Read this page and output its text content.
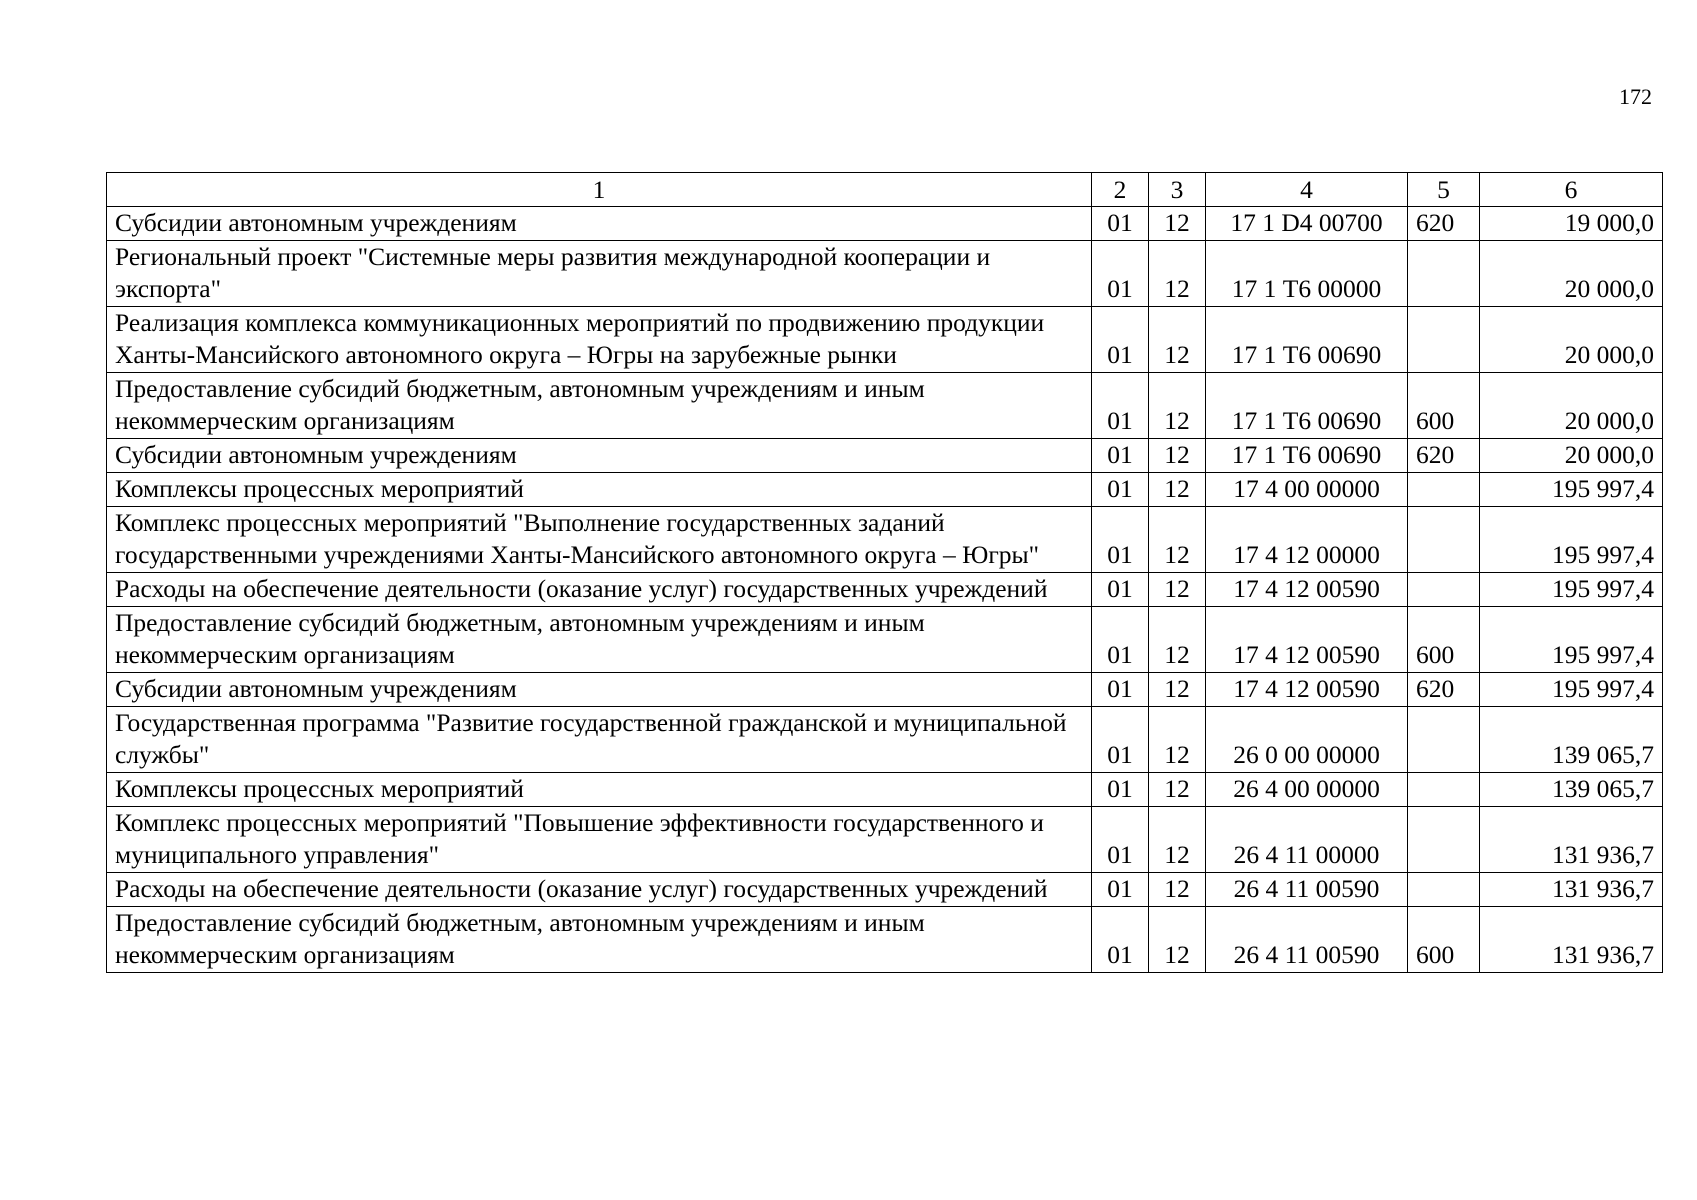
172
1	2	3	4	5	6
Субсидии автономным учреждениям	01	12	17 1 D4 00700	620	19 000,0
Региональный проект "Системные меры развития международной кооперации и экспорта"	01	12	17 1 Т6 00000		20 000,0
Реализация комплекса коммуникационных мероприятий по продвижению продукции Ханты-Мансийского автономного округа – Югры на зарубежные рынки	01	12	17 1 Т6 00690		20 000,0
Предоставление субсидий бюджетным, автономным учреждениям и иным некоммерческим организациям	01	12	17 1 Т6 00690	600	20 000,0
Субсидии автономным учреждениям	01	12	17 1 Т6 00690	620	20 000,0
Комплексы процессных мероприятий	01	12	17 4 00 00000		195 997,4
Комплекс процессных мероприятий "Выполнение государственных заданий государственными учреждениями Ханты-Мансийского автономного округа – Югры"	01	12	17 4 12 00000		195 997,4
Расходы на обеспечение деятельности (оказание услуг) государственных учреждений	01	12	17 4 12 00590		195 997,4
Предоставление субсидий бюджетным, автономным учреждениям и иным некоммерческим организациям	01	12	17 4 12 00590	600	195 997,4
Субсидии автономным учреждениям	01	12	17 4 12 00590	620	195 997,4
Государственная программа "Развитие государственной гражданской и муниципальной службы"	01	12	26 0 00 00000		139 065,7
Комплексы процессных мероприятий	01	12	26 4 00 00000		139 065,7
Комплекс процессных мероприятий "Повышение эффективности государственного и муниципального управления"	01	12	26 4 11 00000		131 936,7
Расходы на обеспечение деятельности (оказание услуг) государственных учреждений	01	12	26 4 11 00590		131 936,7
Предоставление субсидий бюджетным, автономным учреждениям и иным некоммерческим организациям	01	12	26 4 11 00590	600	131 936,7
